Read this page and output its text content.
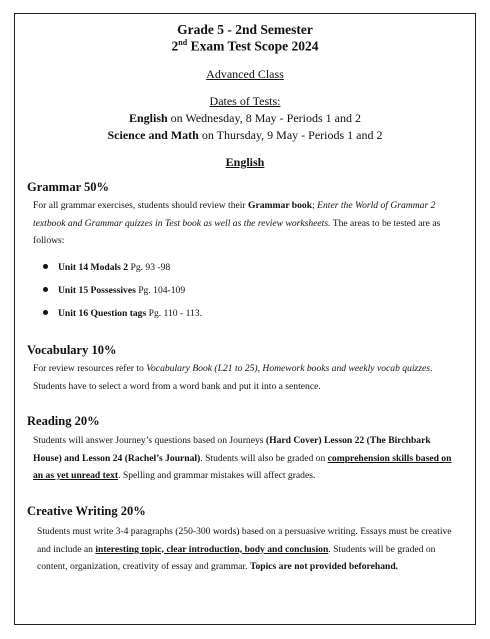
Grade 5 - 2nd Semester
2nd Exam Test Scope 2024
Advanced Class
Dates of Tests:
English on Wednesday, 8 May - Periods 1 and 2
Science and Math on Thursday, 9 May - Periods 1 and 2
English
Grammar 50%
For all grammar exercises, students should review their Grammar book; Enter the World of Grammar 2 textbook and Grammar quizzes in Test book as well as the review worksheets. The areas to be tested are as follows:
Unit 14 Modals 2 Pg. 93 -98
Unit 15 Possessives Pg. 104-109
Unit 16 Question tags Pg. 110 - 113.
Vocabulary 10%
For review resources refer to Vocabulary Book (L21 to 25), Homework books and weekly vocab quizzes. Students have to select a word from a word bank and put it into a sentence.
Reading 20%
Students will answer Journey’s questions based on Journeys (Hard Cover) Lesson 22 (The Birchbark House) and Lesson 24 (Rachel’s Journal). Students will also be graded on comprehension skills based on an as yet unread text. Spelling and grammar mistakes will affect grades.
Creative Writing 20%
Students must write 3-4 paragraphs (250-300 words) based on a persuasive writing. Essays must be creative and include an interesting topic, clear introduction, body and conclusion. Students will be graded on content, organization, creativity of essay and grammar. Topics are not provided beforehand.
